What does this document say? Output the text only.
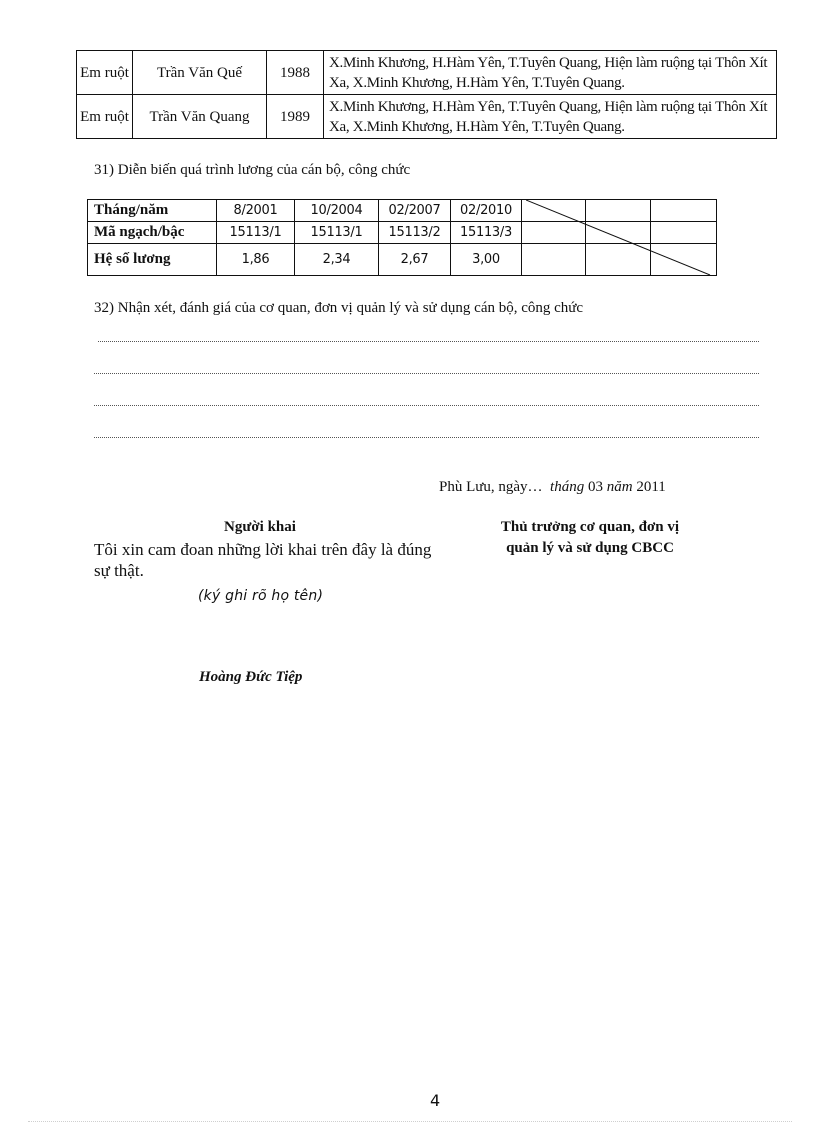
Em ruột	Trần Văn Quế	1988	X.Minh Khương, H.Hàm Yên, T.Tuyên Quang, Hiện làm ruộng tại Thôn Xít Xa, X.Minh Khương, H.Hàm Yên, T.Tuyên Quang.
Em ruột	Trần Văn Quang	1989	X.Minh Khương, H.Hàm Yên, T.Tuyên Quang, Hiện làm ruộng tại Thôn Xít Xa, X.Minh Khương, H.Hàm Yên, T.Tuyên Quang.
31) Diễn biến quá trình lương của cán bộ, công chức
Tháng/năm	8/2001	10/2004	02/2007	02/2010			
Mã ngạch/bậc	15113/1	15113/1	15113/2	15113/3			
Hệ số lương	1,86	2,34	2,67	3,00			
32) Nhận xét, đánh giá của cơ quan, đơn vị quản lý và sử dụng cán bộ, công chức
Phù Lưu, ngày… tháng 03 năm 2011
Người khai
Tôi xin cam đoan những lời khai trên đây là đúng sự thật.
(ký ghi rõ họ tên)
Hoàng Đức Tiệp
Thủ trưởng cơ quan, đơn vị
quản lý và sử dụng CBCC
4
